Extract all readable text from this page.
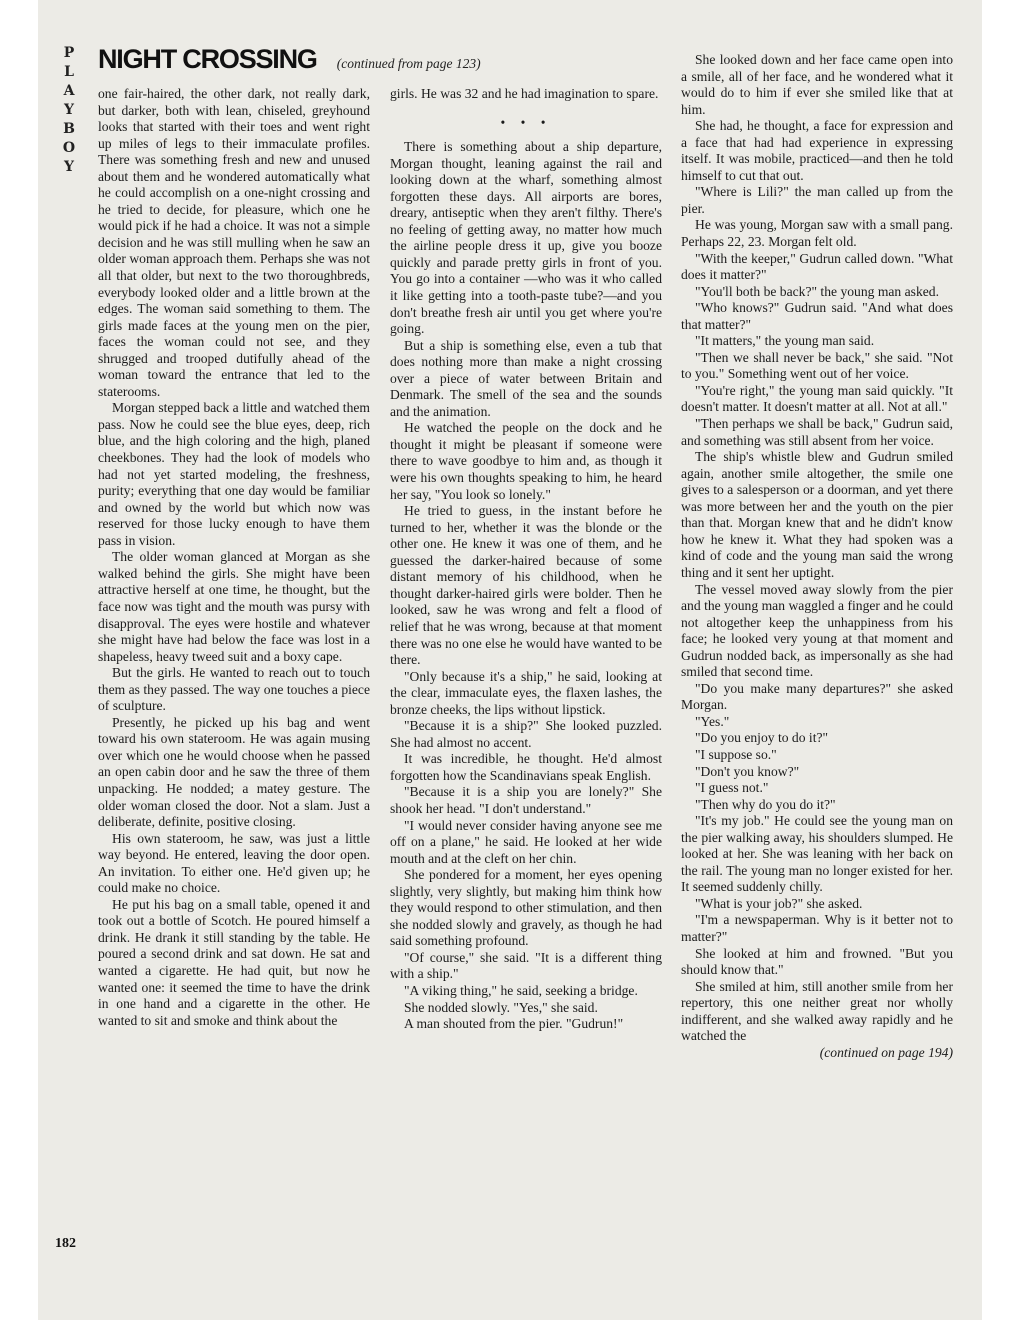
P
L
A
Y
B
O
Y
NIGHT CROSSING (continued from page 123)
182

one fair-haired, the other dark, not really dark, but darker, both with lean, chiseled, greyhound looks that started with their toes and went right up miles of legs to their immaculate profiles. There was something fresh and new and unused about them and he wondered automatically what he could accomplish on a one-night crossing and he tried to decide, for pleasure, which one he would pick if he had a choice. It was not a simple decision and he was still mulling when he saw an older woman approach them. Perhaps she was not all that older, but next to the two thoroughbreds, everybody looked older and a little brown at the edges. The woman said something to them. The girls made faces at the young men on the pier, faces the woman could not see, and they shrugged and trooped dutifully ahead of the woman toward the entrance that led to the staterooms.

Morgan stepped back a little and watched them pass. Now he could see the blue eyes, deep, rich blue, and the high coloring and the high, planed cheekbones. They had the look of models who had not yet started modeling, the freshness, purity; everything that one day would be familiar and owned by the world but which now was reserved for those lucky enough to have them pass in vision.

The older woman glanced at Morgan as she walked behind the girls. She might have been attractive herself at one time, he thought, but the face now was tight and the mouth was pursy with disapproval. The eyes were hostile and whatever she might have had below the face was lost in a shapeless, heavy tweed suit and a boxy cape.

But the girls. He wanted to reach out to touch them as they passed. The way one touches a piece of sculpture.

Presently, he picked up his bag and went toward his own stateroom. He was again musing over which one he would choose when he passed an open cabin door and he saw the three of them unpacking. He nodded; a matey gesture. The older woman closed the door. Not a slam. Just a deliberate, definite, positive closing.

His own stateroom, he saw, was just a little way beyond. He entered, leaving the door open. An invitation. To either one. He'd given up; he could make no choice.

He put his bag on a small table, opened it and took out a bottle of Scotch. He poured himself a drink. He drank it still standing by the table. He poured a second drink and sat down. He sat and wanted a cigarette. He had quit, but now he wanted one: it seemed the time to have the drink in one hand and a cigarette in the other. He wanted to sit and smoke and think about the

girls. He was 32 and he had imagination to spare.

• • •

There is something about a ship departure, Morgan thought, leaning against the rail and looking down at the wharf, something almost forgotten these days. All airports are bores, dreary, antiseptic when they aren't filthy. There's no feeling of getting away, no matter how much the airline people dress it up, give you booze quickly and parade pretty girls in front of you. You go into a container —who was it who called it like getting into a tooth-paste tube?—and you don't breathe fresh air until you get where you're going.

But a ship is something else, even a tub that does nothing more than make a night crossing over a piece of water between Britain and Denmark. The smell of the sea and the sounds and the animation.

He watched the people on the dock and he thought it might be pleasant if someone were there to wave goodbye to him and, as though it were his own thoughts speaking to him, he heard her say, "You look so lonely."

He tried to guess, in the instant before he turned to her, whether it was the blonde or the other one. He knew it was one of them, and he guessed the darker-haired because of some distant memory of his childhood, when he thought darker-haired girls were bolder. Then he looked, saw he was wrong and felt a flood of relief that he was wrong, because at that moment there was no one else he would have wanted to be there.

"Only because it's a ship," he said, looking at the clear, immaculate eyes, the flaxen lashes, the bronze cheeks, the lips without lipstick.

"Because it is a ship?" She looked puzzled. She had almost no accent.

It was incredible, he thought. He'd almost forgotten how the Scandinavians speak English.

"Because it is a ship you are lonely?" She shook her head. "I don't understand."

"I would never consider having anyone see me off on a plane," he said. He looked at her wide mouth and at the cleft on her chin.

She pondered for a moment, her eyes opening slightly, very slightly, but making him think how they would respond to other stimulation, and then she nodded slowly and gravely, as though he had said something profound.

"Of course," she said. "It is a different thing with a ship."

"A viking thing," he said, seeking a bridge.

She nodded slowly. "Yes," she said.

A man shouted from the pier. "Gudrun!"

She looked down and her face came open into a smile, all of her face, and he wondered what it would do to him if ever she smiled like that at him.

She had, he thought, a face for expression and a face that had had experience in expressing itself. It was mobile, practiced—and then he told himself to cut that out.

"Where is Lili?" the man called up from the pier.

He was young, Morgan saw with a small pang. Perhaps 22, 23. Morgan felt old.

"With the keeper," Gudrun called down. "What does it matter?"

"You'll both be back?" the young man asked.

"Who knows?" Gudrun said. "And what does that matter?"

"It matters," the young man said.

"Then we shall never be back," she said. "Not to you." Something went out of her voice.

"You're right," the young man said quickly. "It doesn't matter. It doesn't matter at all. Not at all."

"Then perhaps we shall be back," Gudrun said, and something was still absent from her voice.

The ship's whistle blew and Gudrun smiled again, another smile altogether, the smile one gives to a salesperson or a doorman, and yet there was more between her and the youth on the pier than that. Morgan knew that and he didn't know how he knew it. What they had spoken was a kind of code and the young man said the wrong thing and it sent her uptight.

The vessel moved away slowly from the pier and the young man waggled a finger and he could not altogether keep the unhappiness from his face; he looked very young at that moment and Gudrun nodded back, as impersonally as she had smiled that second time.

"Do you make many departures?" she asked Morgan.

"Yes."

"Do you enjoy to do it?"

"I suppose so."

"Don't you know?"

"I guess not."

"Then why do you do it?"

"It's my job." He could see the young man on the pier walking away, his shoulders slumped. He looked at her. She was leaning with her back on the rail. The young man no longer existed for her. It seemed suddenly chilly.

"What is your job?" she asked.

"I'm a newspaperman. Why is it better not to matter?"

She looked at him and frowned. "But you should know that."

She smiled at him, still another smile from her repertory, this one neither great nor wholly indifferent, and she walked away rapidly and he watched the

(continued on page 194)
